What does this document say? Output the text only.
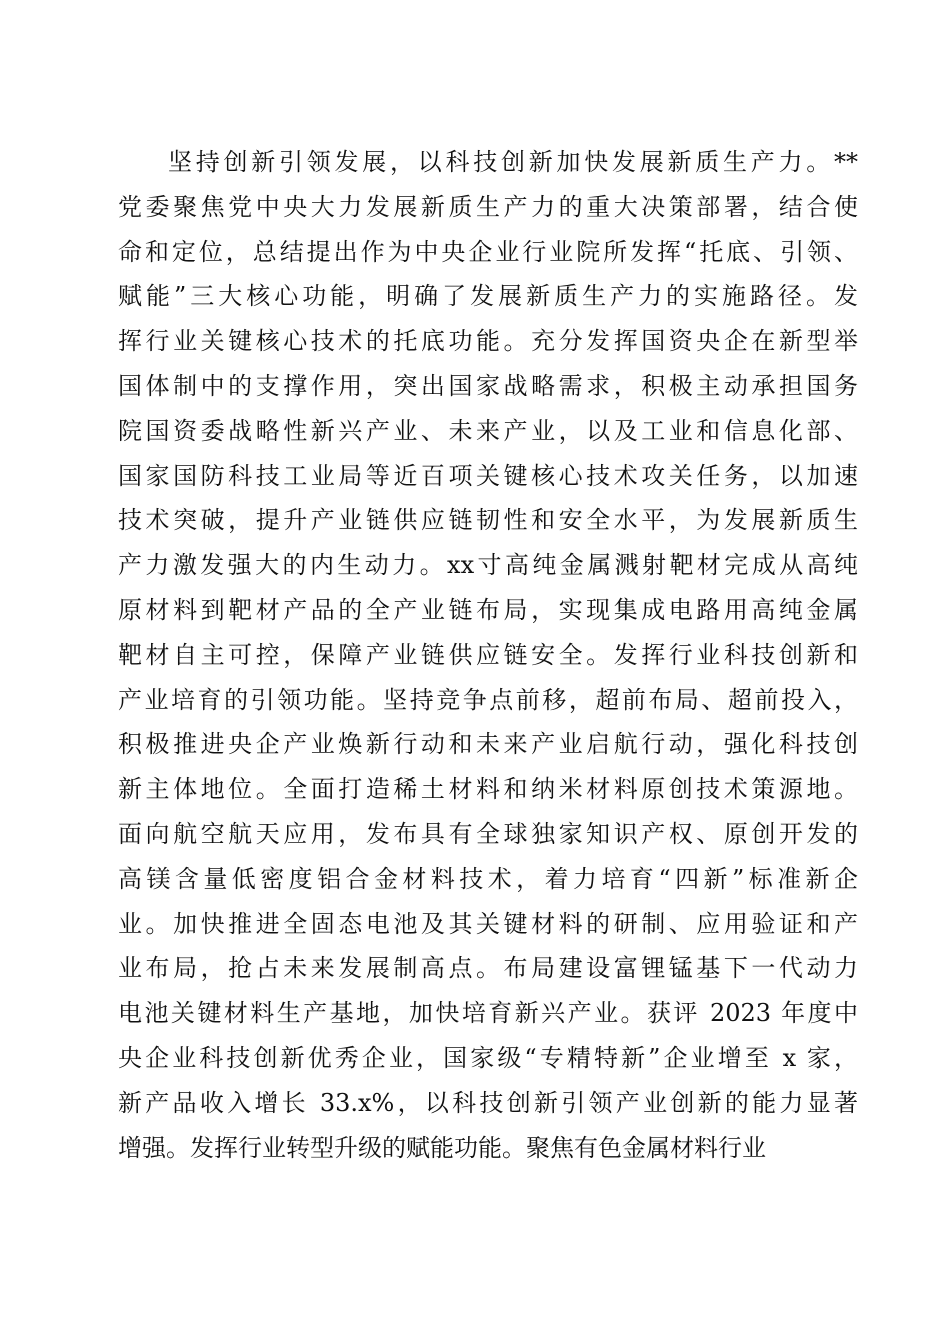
坚持创新引领发展，以科技创新加快发展新质生产力。**
党委聚焦党中央大力发展新质生产力的重大决策部署，结合使
命和定位，总结提出作为中央企业行业院所发挥“托底、引领、
赋能”三大核心功能，明确了发展新质生产力的实施路径。发
挥行业关键核心技术的托底功能。充分发挥国资央企在新型举
国体制中的支撑作用，突出国家战略需求，积极主动承担国务
院国资委战略性新兴产业、未来产业，以及工业和信息化部、
国家国防科技工业局等近百项关键核心技术攻关任务，以加速
技术突破，提升产业链供应链韧性和安全水平，为发展新质生
产力激发强大的内生动力。xx寸高纯金属溅射靶材完成从高纯
原材料到靶材产品的全产业链布局，实现集成电路用高纯金属
靶材自主可控，保障产业链供应链安全。发挥行业科技创新和
产业培育的引领功能。坚持竞争点前移，超前布局、超前投入，
积极推进央企产业焕新行动和未来产业启航行动，强化科技创
新主体地位。全面打造稀土材料和纳米材料原创技术策源地。
面向航空航天应用，发布具有全球独家知识产权、原创开发的
高镁含量低密度铝合金材料技术，着力培育“四新”标准新企
业。加快推进全固态电池及其关键材料的研制、应用验证和产
业布局，抢占未来发展制高点。布局建设富锂锰基下一代动力
电池关键材料生产基地，加快培育新兴产业。获评 2023 年度中
央企业科技创新优秀企业，国家级“专精特新”企业增至 x 家，
新产品收入增长 33.x%，以科技创新引领产业创新的能力显著
增强。发挥行业转型升级的赋能功能。聚焦有色金属材料行业
